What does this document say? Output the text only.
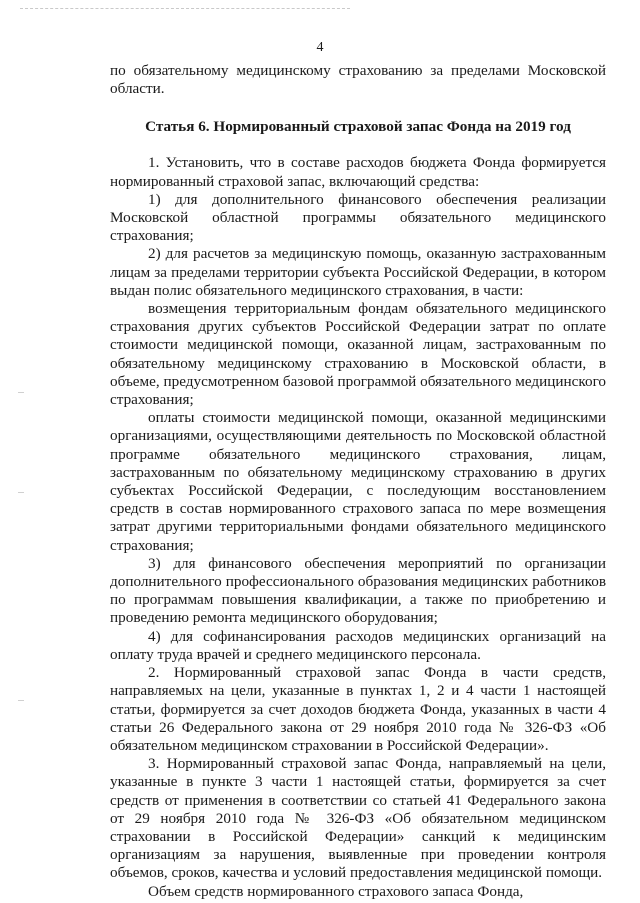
4

по обязательному медицинскому страхованию за пределами Московской области.

Статья 6. Нормированный страховой запас Фонда на 2019 год

1. Установить, что в составе расходов бюджета Фонда формируется нормированный страховой запас, включающий средства:

1) для дополнительного финансового обеспечения реализации Московской областной программы обязательного медицинского страхования;

2) для расчетов за медицинскую помощь, оказанную застрахованным лицам за пределами территории субъекта Российской Федерации, в котором выдан полис обязательного медицинского страхования, в части:

возмещения территориальным фондам обязательного медицинского страхования других субъектов Российской Федерации затрат по оплате стоимости медицинской помощи, оказанной лицам, застрахованным по обязательному медицинскому страхованию в Московской области, в объеме, предусмотренном базовой программой обязательного медицинского страхования;

оплаты стоимости медицинской помощи, оказанной медицинскими организациями, осуществляющими деятельность по Московской областной программе обязательного медицинского страхования, лицам, застрахованным по обязательному медицинскому страхованию в других субъектах Российской Федерации, с последующим восстановлением средств в состав нормированного страхового запаса по мере возмещения затрат другими территориальными фондами обязательного медицинского страхования;

3) для финансового обеспечения мероприятий по организации дополнительного профессионального образования медицинских работников по программам повышения квалификации, а также по приобретению и проведению ремонта медицинского оборудования;

4) для софинансирования расходов медицинских организаций на оплату труда врачей и среднего медицинского персонала.

2. Нормированный страховой запас Фонда в части средств, направляемых на цели, указанные в пунктах 1, 2 и 4 части 1 настоящей статьи, формируется за счет доходов бюджета Фонда, указанных в части 4 статьи 26 Федерального закона от 29 ноября 2010 года № 326-ФЗ «Об обязательном медицинском страховании в Российской Федерации».

3. Нормированный страховой запас Фонда, направляемый на цели, указанные в пункте 3 части 1 настоящей статьи, формируется за счет средств от применения в соответствии со статьей 41 Федерального закона от 29 ноября 2010 года № 326-ФЗ «Об обязательном медицинском страховании в Российской Федерации» санкций к медицинским организациям за нарушения, выявленные при проведении контроля объемов, сроков, качества и условий предоставления медицинской помощи.

Объем средств нормированного страхового запаса Фонда,
